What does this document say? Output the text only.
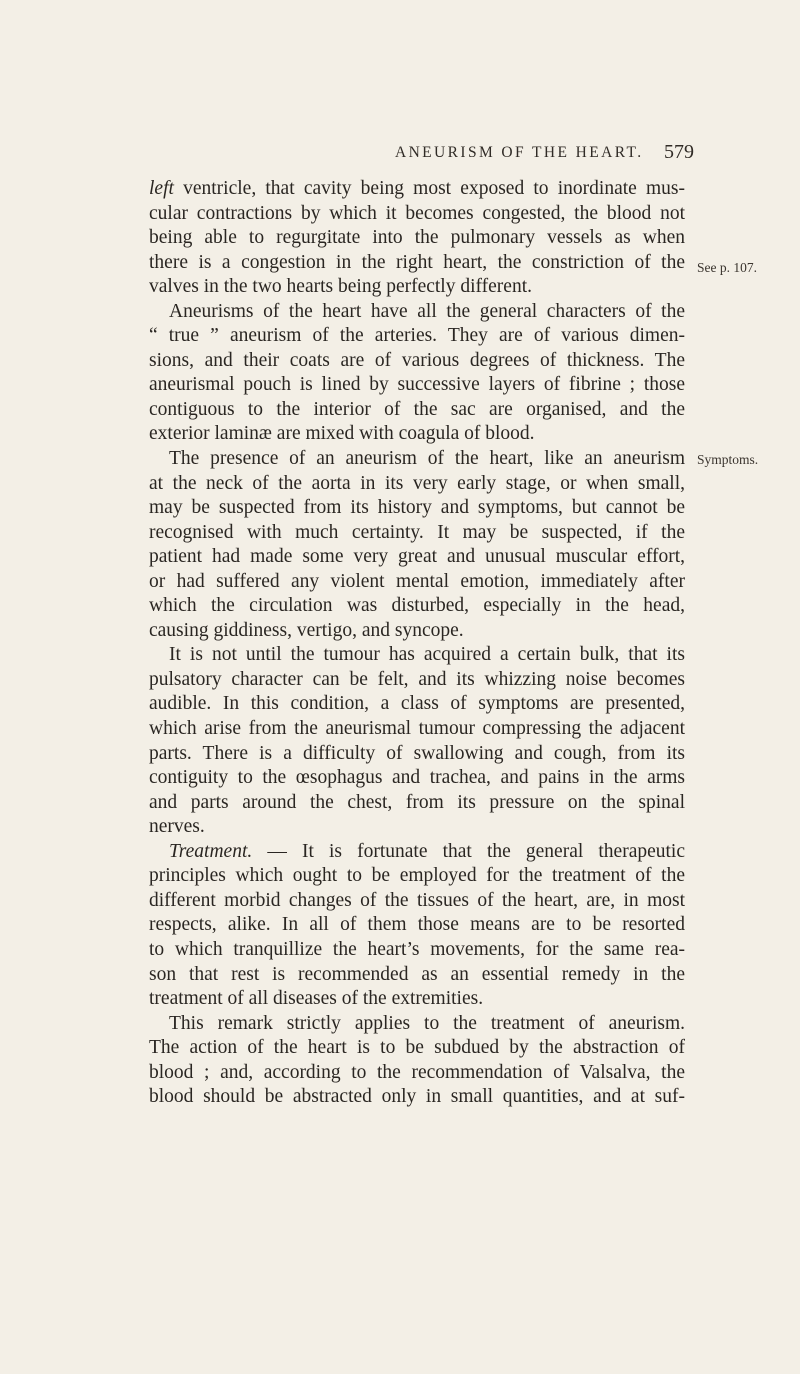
ANEURISM OF THE HEART. 579
See p. 107.
Symptoms.
left ventricle, that cavity being most exposed to inordinate mus-
cular contractions by which it becomes congested, the blood not
being able to regurgitate into the pulmonary vessels as when
there is a congestion in the right heart, the constriction of the
valves in the two hearts being perfectly different.
Aneurisms of the heart have all the general characters of the
“ true ” aneurism of the arteries. They are of various dimen-
sions, and their coats are of various degrees of thickness. The
aneurismal pouch is lined by successive layers of fibrine ; those
contiguous to the interior of the sac are organised, and the
exterior laminæ are mixed with coagula of blood.
The presence of an aneurism of the heart, like an aneurism
at the neck of the aorta in its very early stage, or when small,
may be suspected from its history and symptoms, but cannot be
recognised with much certainty. It may be suspected, if the
patient had made some very great and unusual muscular effort,
or had suffered any violent mental emotion, immediately after
which the circulation was disturbed, especially in the head,
causing giddiness, vertigo, and syncope.
It is not until the tumour has acquired a certain bulk, that its
pulsatory character can be felt, and its whizzing noise becomes
audible. In this condition, a class of symptoms are presented,
which arise from the aneurismal tumour compressing the adjacent
parts. There is a difficulty of swallowing and cough, from its
contiguity to the œsophagus and trachea, and pains in the arms
and parts around the chest, from its pressure on the spinal
nerves.
Treatment. — It is fortunate that the general therapeutic
principles which ought to be employed for the treatment of the
different morbid changes of the tissues of the heart, are, in most
respects, alike. In all of them those means are to be resorted
to which tranquillize the heart’s movements, for the same rea-
son that rest is recommended as an essential remedy in the
treatment of all diseases of the extremities.
This remark strictly applies to the treatment of aneurism.
The action of the heart is to be subdued by the abstraction of
blood ; and, according to the recommendation of Valsalva, the
blood should be abstracted only in small quantities, and at suf-
